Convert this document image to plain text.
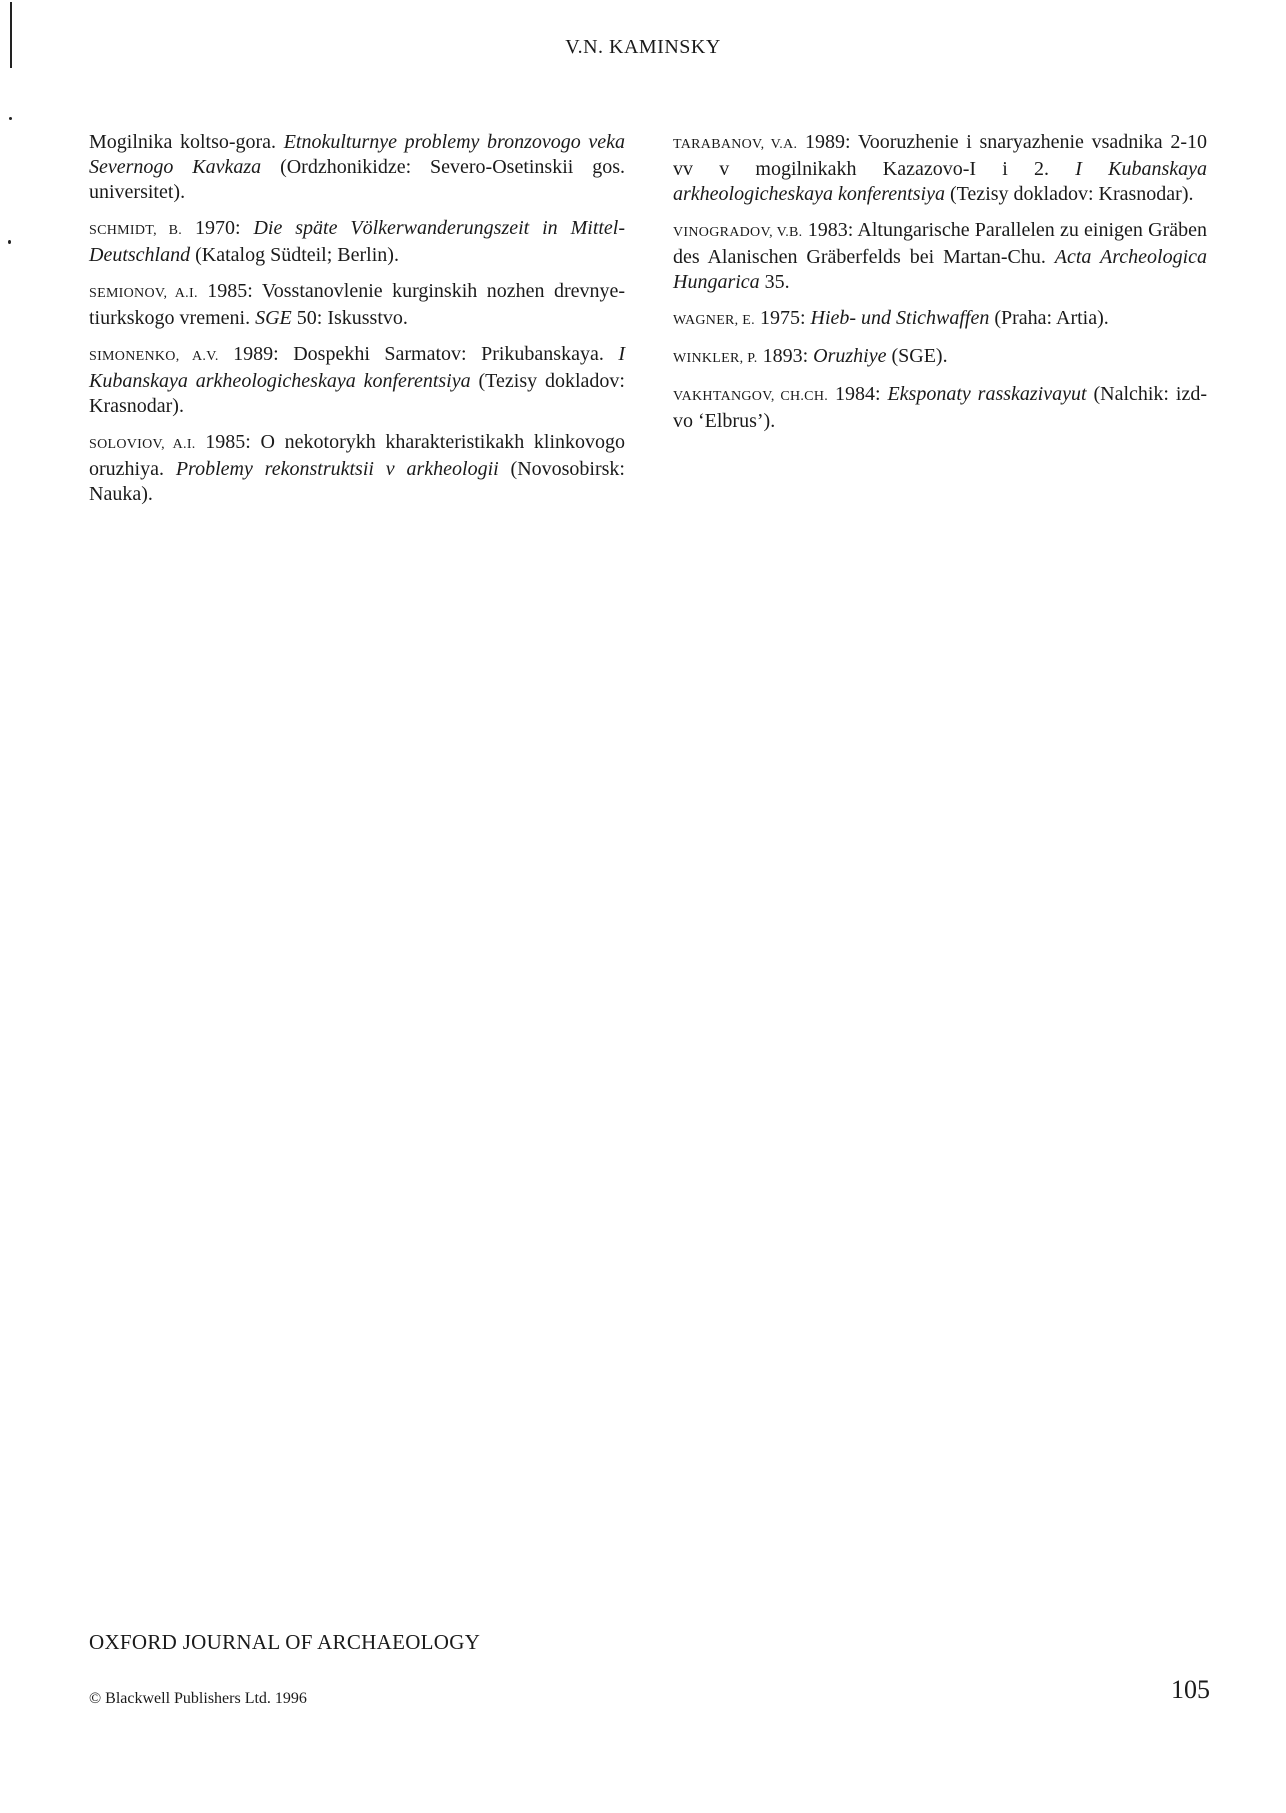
V.N. KAMINSKY

Mogilnika koltso-gora. Etnokulturnye problemy bronzovogo veka Severnogo Kavkaza (Ordzhonikidze: Severo-Osetinskii gos. universitet).

SCHMIDT, B. 1970: Die späte Völkerwanderungszeit in Mittel-Deutschland (Katalog Südteil; Berlin).

SEMIONOV, A.I. 1985: Vosstanovlenie kurginskih nozhen drevnye-tiurkskogo vremeni. SGE 50: Iskusstvo.

SIMONENKO, A.V. 1989: Dospekhi Sarmatov: Prikubanskaya. I Kubanskaya arkheologicheskaya konferentsiya (Tezisy dokladov: Krasnodar).

SOLOVIOV, A.I. 1985: O nekotorykh kharakteristikakh klinkovogo oruzhiya. Problemy rekonstruktsii v arkheologii (Novosobirsk: Nauka).

TARABANOV, V.A. 1989: Vooruzhenie i snaryazhenie vsadnika 2-10 vv v mogilnikakh Kazazovo-I i 2. I Kubanskaya arkheologicheskaya konferentsiya (Tezisy dokladov: Krasnodar).

VINOGRADOV, V.B. 1983: Altungarische Parallelen zu einigen Gräben des Alanischen Gräberfelds bei Martan-Chu. Acta Archeologica Hungarica 35.

WAGNER, E. 1975: Hieb- und Stichwaffen (Praha: Artia).

WINKLER, P. 1893: Oruzhiye (SGE).

VAKHTANGOV, CH.CH. 1984: Eksponaty rasskazivayut (Nalchik: izd-vo ‘Elbrus’).

OXFORD JOURNAL OF ARCHAEOLOGY
© Blackwell Publishers Ltd. 1996	105
